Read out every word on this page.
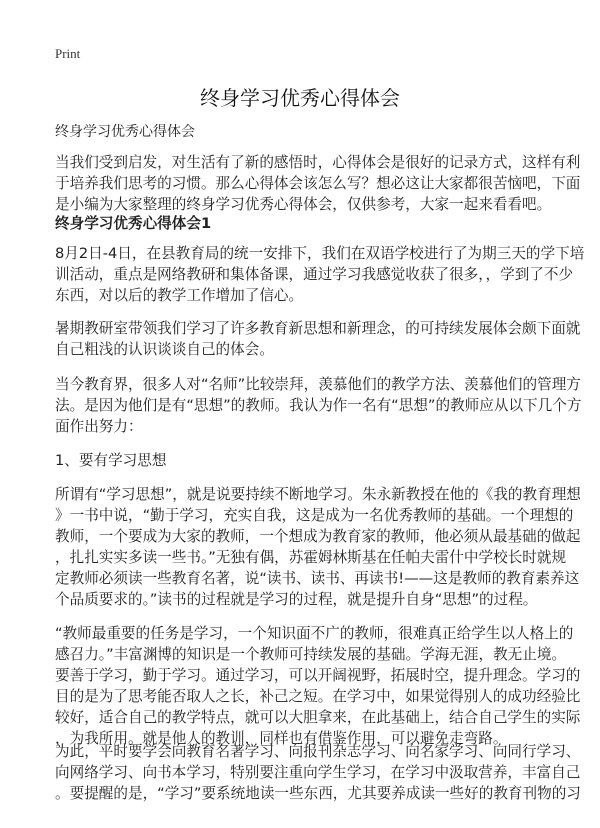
Print
终身学习优秀心得体会
终身学习优秀心得体会
当我们受到启发，对生活有了新的感悟时，心得体会是很好的记录方式，这样有利
于培养我们思考的习惯。那么心得体会该怎么写？想必这让大家都很苦恼吧，下面
是小编为大家整理的终身学习优秀心得体会，仅供参考，大家一起来看看吧。
终身学习优秀心得体会1
8月2日-4日，在县教育局的统一安排下，我们在双语学校进行了为期三天的学下培
训活动，重点是网络教研和集体备课，通过学习我感觉收获了很多，，学到了不少
东西，对以后的教学工作增加了信心。
暑期教研室带领我们学习了许多教育新思想和新理念，的可持续发展体会颇下面就
自己粗浅的认识谈谈自己的体会。
当今教育界，很多人对“名师”比较崇拜，羡慕他们的教学方法、羡慕他们的管理方
法。是因为他们是有“思想”的教师。我认为作一名有“思想”的教师应从以下几个方
面作出努力：
1、要有学习思想
所谓有“学习思想”，就是说要持续不断地学习。朱永新教授在他的《我的教育理想
》一书中说，“勤于学习，充实自我，这是成为一名优秀教师的基础。一个理想的
教师，一个要成为大家的教师，一个想成为教育家的教师，他必须从最基础的做起
，扎扎实实多读一些书。”无独有偶，苏霍姆林斯基在任帕夫雷什中学校长时就规
定教师必须读一些教育名著，说“读书、读书、再读书!——这是教师的教育素养这
个品质要求的。”读书的过程就是学习的过程，就是提升自身“思想”的过程。
“教师最重要的任务是学习，一个知识面不广的教师，很难真正给学生以人格上的
感召力。”丰富渊博的知识是一个教师可持续发展的基础。学海无涯，教无止境。
要善于学习，勤于学习。通过学习，可以开阔视野，拓展时空，提升理念。学习的
目的是为了思考能否取人之长，补己之短。在学习中，如果觉得别人的成功经验比
较好，适合自己的教学特点，就可以大胆拿来，在此基础上，结合自己学生的实际
，为我所用。就是他人的教训，同样也有借鉴作用，可以避免走弯路。
为此，平时要学会向教育名著学习、向报刊杂志学习、向名家学习、向同行学习、
向网络学习、向书本学习，特别要注重向学生学习，在学习中汲取营养，丰富自己
。要提醒的是，“学习”要系统地读一些东西，尤其要养成读一些好的教育刊物的习
